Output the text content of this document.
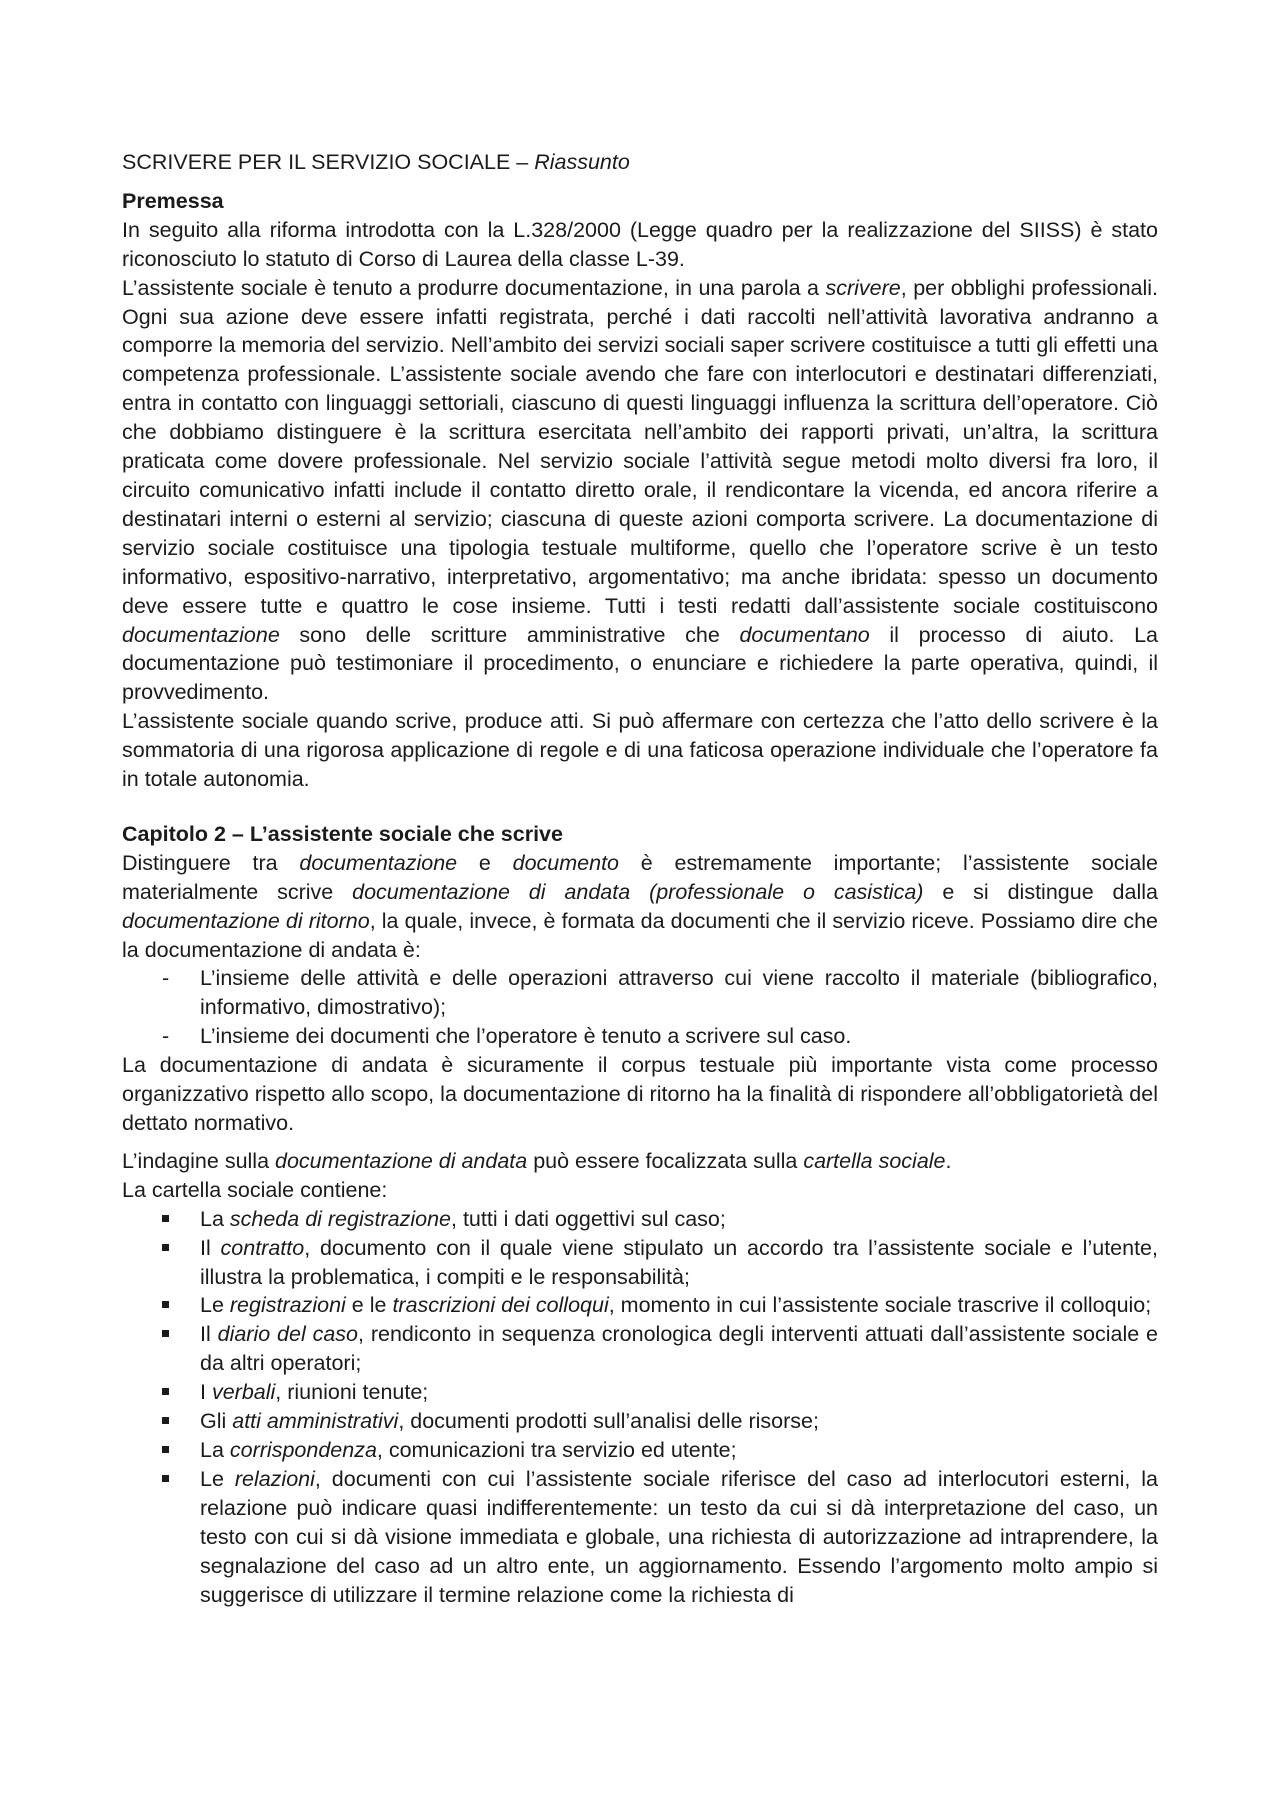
SCRIVERE PER IL SERVIZIO SOCIALE – Riassunto

Premessa

In seguito alla riforma introdotta con la L.328/2000 (Legge quadro per la realizzazione del SIISS) è stato riconosciuto lo statuto di Corso di Laurea della classe L-39.

L’assistente sociale è tenuto a produrre documentazione, in una parola a scrivere, per obblighi professionali. Ogni sua azione deve essere infatti registrata, perché i dati raccolti nell’attività lavorativa andranno a comporre la memoria del servizio. Nell’ambito dei servizi sociali saper scrivere costituisce a tutti gli effetti una competenza professionale. L’assistente sociale avendo che fare con interlocutori e destinatari differenziati, entra in contatto con linguaggi settoriali, ciascuno di questi linguaggi influenza la scrittura dell’operatore. Ciò che dobbiamo distinguere è la scrittura esercitata nell’ambito dei rapporti privati, un’altra, la scrittura praticata come dovere professionale. Nel servizio sociale l’attività segue metodi molto diversi fra loro, il circuito comunicativo infatti include il contatto diretto orale, il rendicontare la vicenda, ed ancora riferire a destinatari interni o esterni al servizio; ciascuna di queste azioni comporta scrivere. La documentazione di servizio sociale costituisce una tipologia testuale multiforme, quello che l’operatore scrive è un testo informativo, espositivo-narrativo, interpretativo, argomentativo; ma anche ibridata: spesso un documento deve essere tutte e quattro le cose insieme. Tutti i testi redatti dall’assistente sociale costituiscono documentazione sono delle scritture amministrative che documentano il processo di aiuto. La documentazione può testimoniare il procedimento, o enunciare e richiedere la parte operativa, quindi, il provvedimento.

L’assistente sociale quando scrive, produce atti. Si può affermare con certezza che l’atto dello scrivere è la sommatoria di una rigorosa applicazione di regole e di una faticosa operazione individuale che l’operatore fa in totale autonomia.

Capitolo 2 – L’assistente sociale che scrive

Distinguere tra documentazione e documento è estremamente importante; l’assistente sociale materialmente scrive documentazione di andata (professionale o casistica) e si distingue dalla documentazione di ritorno, la quale, invece, è formata da documenti che il servizio riceve. Possiamo dire che la documentazione di andata è:

- L’insieme delle attività e delle operazioni attraverso cui viene raccolto il materiale (bibliografico, informativo, dimostrativo);
- L’insieme dei documenti che l’operatore è tenuto a scrivere sul caso.

La documentazione di andata è sicuramente il corpus testuale più importante vista come processo organizzativo rispetto allo scopo, la documentazione di ritorno ha la finalità di rispondere all’obbligatorietà del dettato normativo.

L’indagine sulla documentazione di andata può essere focalizzata sulla cartella sociale.

La cartella sociale contiene:

La scheda di registrazione, tutti i dati oggettivi sul caso;
Il contratto, documento con il quale viene stipulato un accordo tra l’assistente sociale e l’utente, illustra la problematica, i compiti e le responsabilità;
Le registrazioni e le trascrizioni dei colloqui, momento in cui l’assistente sociale trascrive il colloquio;
Il diario del caso, rendiconto in sequenza cronologica degli interventi attuati dall’assistente sociale e da altri operatori;
I verbali, riunioni tenute;
Gli atti amministrativi, documenti prodotti sull’analisi delle risorse;
La corrispondenza, comunicazioni tra servizio ed utente;
Le relazioni, documenti con cui l’assistente sociale riferisce del caso ad interlocutori esterni, la relazione può indicare quasi indifferentemente: un testo da cui si dà interpretazione del caso, un testo con cui si dà visione immediata e globale, una richiesta di autorizzazione ad intraprendere, la segnalazione del caso ad un altro ente, un aggiornamento. Essendo l’argomento molto ampio si suggerisce di utilizzare il termine relazione come la richiesta di
